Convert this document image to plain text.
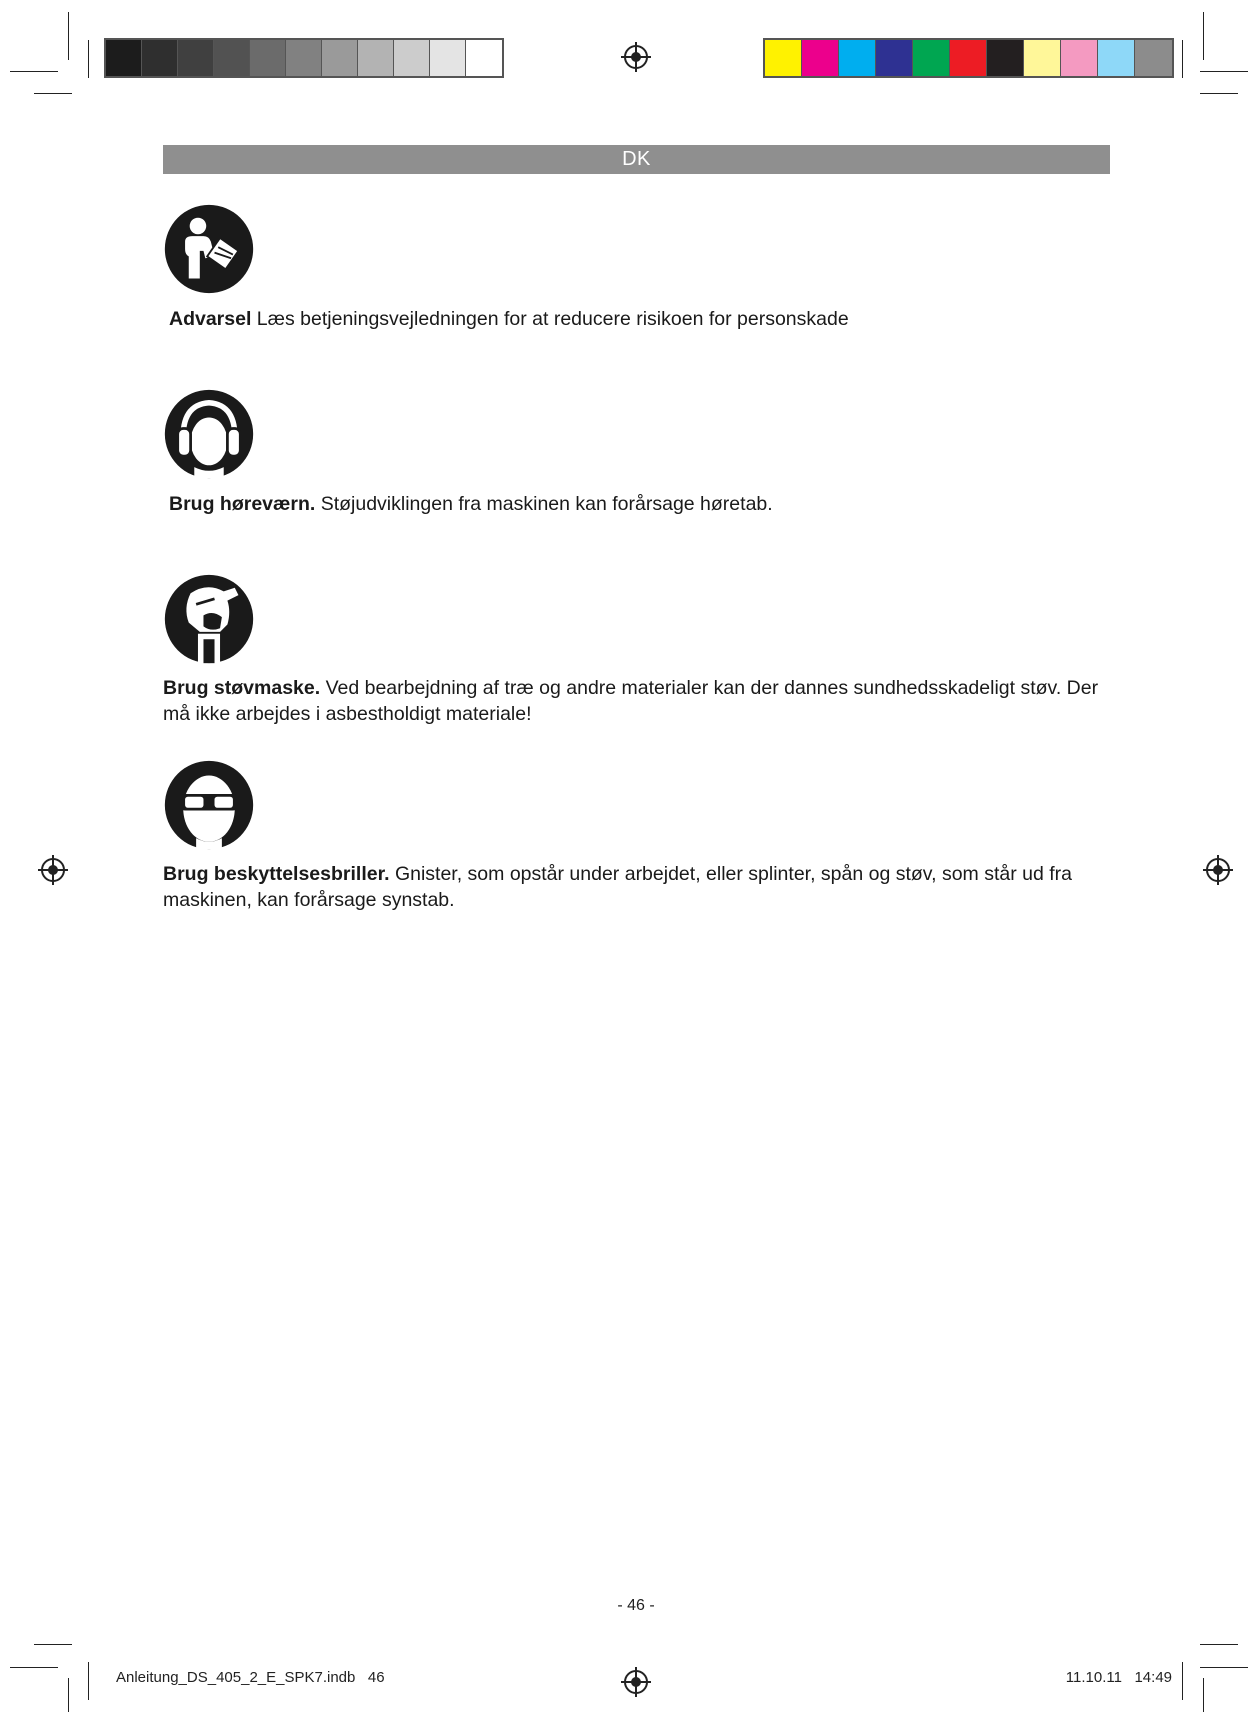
DK

Advarsel Læs betjeningsvejledningen for at reducere risikoen for personskade

Brug høreværn. Støjudviklingen fra maskinen kan forårsage høretab.

Brug støvmaske. Ved bearbejdning af træ og andre materialer kan der dannes sundhedsskadeligt støv. Der må ikke arbejdes i asbestholdigt materiale!

Brug beskyttelsesbriller. Gnister, som opstår under arbejdet, eller splinter, spån og støv, som står ud fra maskinen, kan forårsage synstab.

- 46 -
Anleitung_DS_405_2_E_SPK7.indb   46	11.10.11   14:49
